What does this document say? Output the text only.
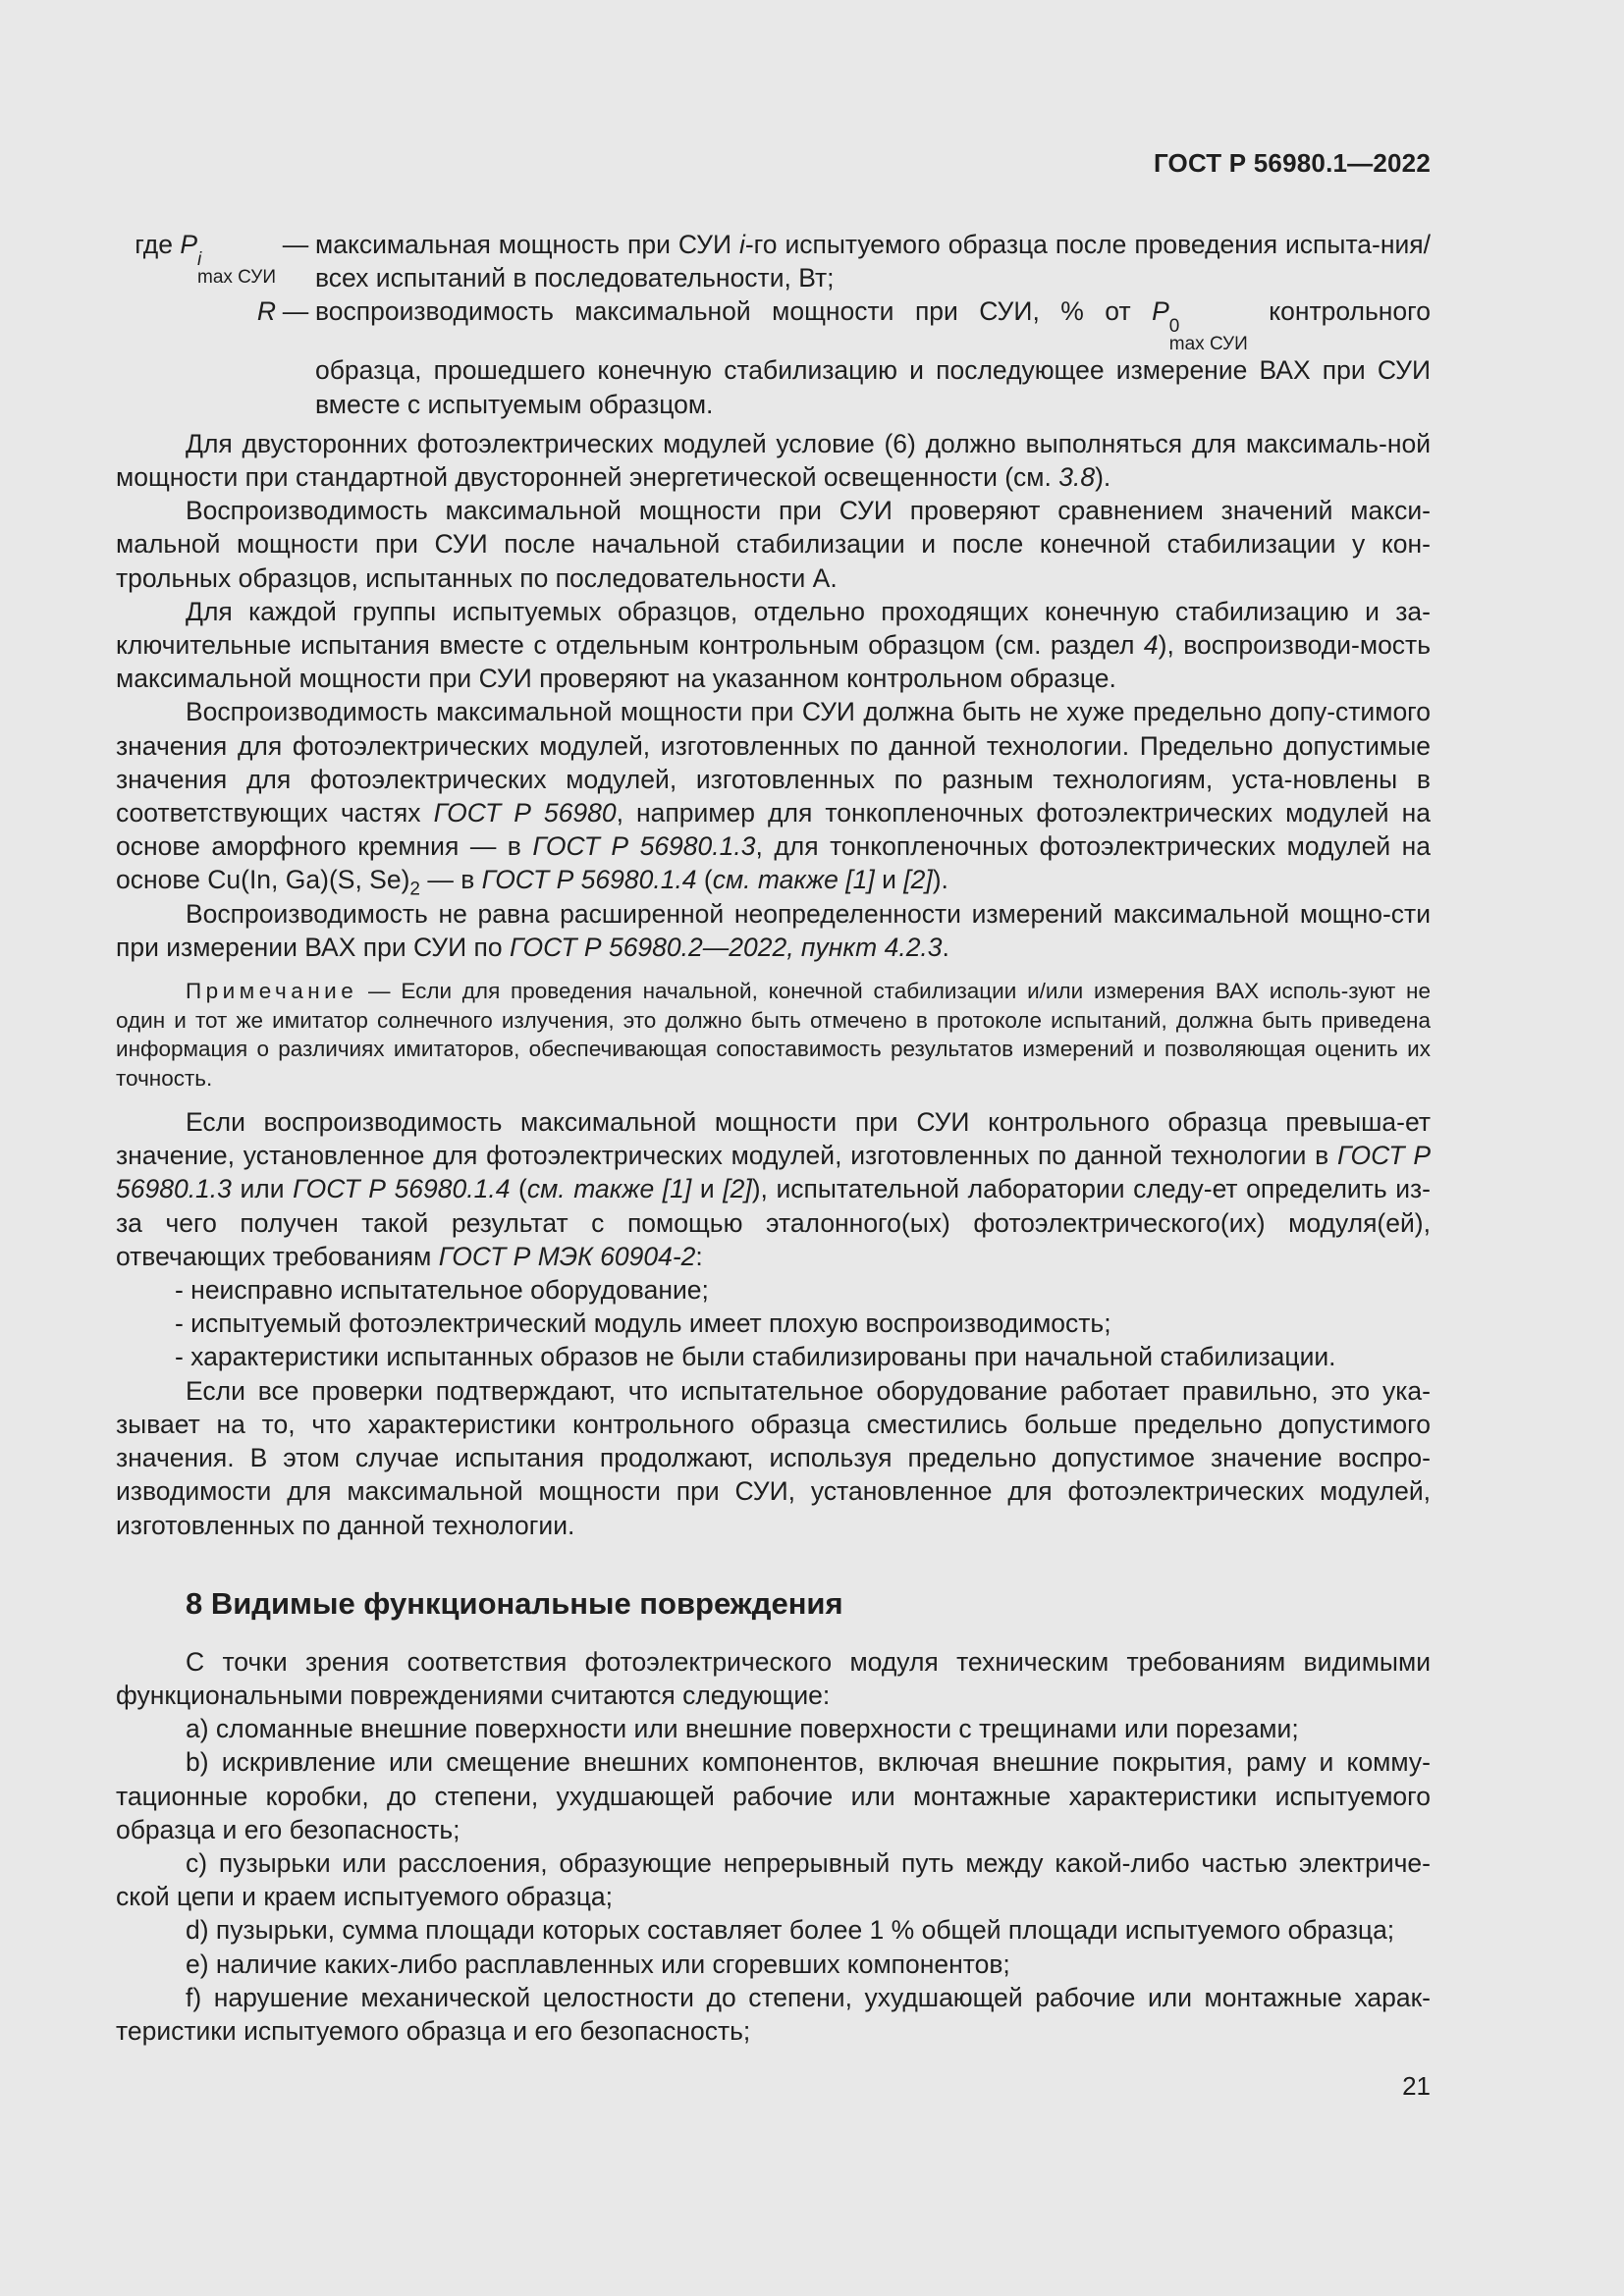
ГОСТ Р 56980.1—2022
где P
i
max СУИ
— максимальная мощность при СУИ i-го испытуемого образца после проведения испыта-ния/всех испытаний в последовательности, Вт;
R — воспроизводимость максимальной мощности при СУИ, % от P
0
max СУИ
контрольного образца, прошедшего конечную стабилизацию и последующее измерение ВАХ при СУИ вместе с испытуемым образцом.

Для двусторонних фотоэлектрических модулей условие (6) должно выполняться для максималь-ной мощности при стандартной двусторонней энергетической освещенности (см. 3.8).

Воспроизводимость максимальной мощности при СУИ проверяют сравнением значений макси-мальной мощности при СУИ после начальной стабилизации и после конечной стабилизации у кон-трольных образцов, испытанных по последовательности А.

Для каждой группы испытуемых образцов, отдельно проходящих конечную стабилизацию и за-ключительные испытания вместе с отдельным контрольным образцом (см. раздел 4), воспроизводи-мость максимальной мощности при СУИ проверяют на указанном контрольном образце.

Воспроизводимость максимальной мощности при СУИ должна быть не хуже предельно допу-стимого значения для фотоэлектрических модулей, изготовленных по данной технологии. Предельно допустимые значения для фотоэлектрических модулей, изготовленных по разным технологиям, уста-новлены в соответствующих частях ГОСТ Р 56980, например для тонкопленочных фотоэлектрических модулей на основе аморфного кремния — в ГОСТ Р 56980.1.3, для тонкопленочных фотоэлектрических модулей на основе Cu(In, Ga)(S, $Se)_2$ — в ГОСТ Р 56980.1.4 (см. также [1] и [2]).

Воспроизводимость не равна расширенной неопределенности измерений максимальной мощно-сти при измерении ВАХ при СУИ по ГОСТ Р 56980.2—2022, пункт 4.2.3.

Примечание — Если для проведения начальной, конечной стабилизации и/или измерения ВАХ исполь-зуют не один и тот же имитатор солнечного излучения, это должно быть отмечено в протоколе испытаний, должна быть приведена информация о различиях имитаторов, обеспечивающая сопоставимость результатов измерений и позволяющая оценить их точность.

Если воспроизводимость максимальной мощности при СУИ контрольного образца превыша-ет значение, установленное для фотоэлектрических модулей, изготовленных по данной технологии в ГОСТ Р 56980.1.3 или ГОСТ Р 56980.1.4 (см. также [1] и [2]), испытательной лаборатории следу-ет определить из-за чего получен такой результат с помощью эталонного(ых) фотоэлектрического(их) модуля(ей), отвечающих требованиям ГОСТ Р МЭК 60904-2:

- неисправно испытательное оборудование;

- испытуемый фотоэлектрический модуль имеет плохую воспроизводимость;

- характеристики испытанных образов не были стабилизированы при начальной стабилизации.

Если все проверки подтверждают, что испытательное оборудование работает правильно, это ука-зывает на то, что характеристики контрольного образца сместились больше предельно допустимого значения. В этом случае испытания продолжают, используя предельно допустимое значение воспро-изводимости для максимальной мощности при СУИ, установленное для фотоэлектрических модулей, изготовленных по данной технологии.

8 Видимые функциональные повреждения

С точки зрения соответствия фотоэлектрического модуля техническим требованиям видимыми функциональными повреждениями считаются следующие:

a) сломанные внешние поверхности или внешние поверхности с трещинами или порезами;

b) искривление или смещение внешних компонентов, включая внешние покрытия, раму и комму-тационные коробки, до степени, ухудшающей рабочие или монтажные характеристики испытуемого образца и его безопасность;

c) пузырьки или расслоения, образующие непрерывный путь между какой-либо частью электриче-ской цепи и краем испытуемого образца;

d) пузырьки, сумма площади которых составляет более 1 % общей площади испытуемого образца;

e) наличие каких-либо расплавленных или сгоревших компонентов;

f) нарушение механической целостности до степени, ухудшающей рабочие или монтажные харак-теристики испытуемого образца и его безопасность;

21
